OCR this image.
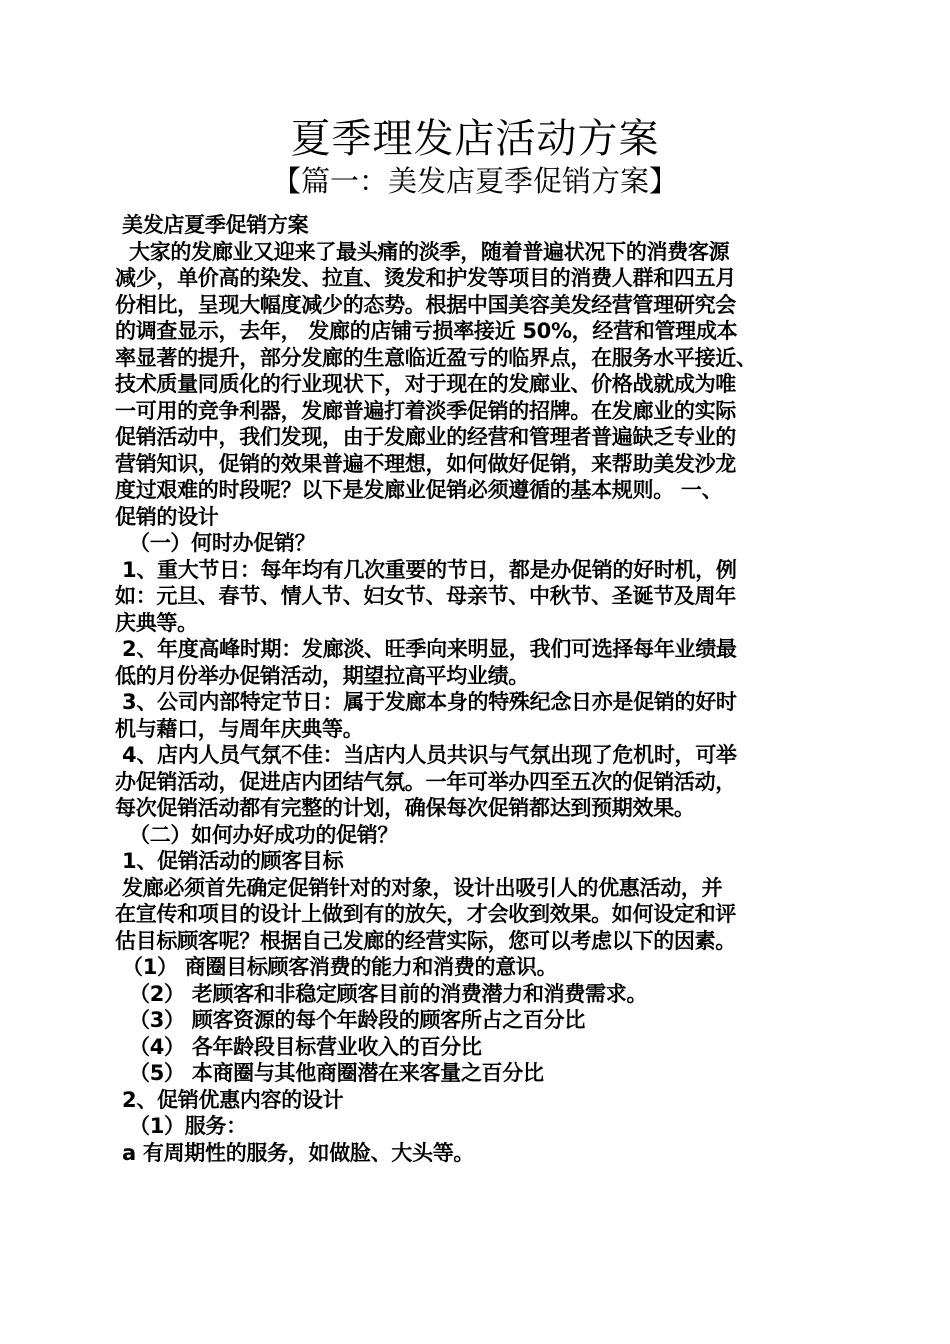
夏季理发店活动方案
【篇一：美发店夏季促销方案】
美发店夏季促销方案
大家的发廊业又迎来了最头痛的淡季，随着普遍状况下的消费客源
减少，单价高的染发、拉直、烫发和护发等项目的消费人群和四五月
份相比，呈现大幅度减少的态势。根据中国美容美发经营管理研究会
的调查显示，去年， 发廊的店铺亏损率接近 50%，经营和管理成本
率显著的提升，部分发廊的生意临近盈亏的临界点，在服务水平接近、
技术质量同质化的行业现状下，对于现在的发廊业、价格战就成为唯
一可用的竞争利器，发廊普遍打着淡季促销的招牌。在发廊业的实际
促销活动中，我们发现，由于发廊业的经营和管理者普遍缺乏专业的
营销知识，促销的效果普遍不理想，如何做好促销，来帮助美发沙龙
度过艰难的时段呢？以下是发廊业促销必须遵循的基本规则。 一、
促销的设计
（一）何时办促销？
1、重大节日：每年均有几次重要的节日，都是办促销的好时机，例
如：元旦、春节、情人节、妇女节、母亲节、中秋节、圣诞节及周年
庆典等。
2、年度高峰时期：发廊淡、旺季向来明显，我们可选择每年业绩最
低的月份举办促销活动，期望拉高平均业绩。
3、公司内部特定节日：属于发廊本身的特殊纪念日亦是促销的好时
机与藉口，与周年庆典等。
4、店内人员气氛不佳：当店内人员共识与气氛出现了危机时，可举
办促销活动，促进店内团结气氛。一年可举办四至五次的促销活动，
每次促销活动都有完整的计划，确保每次促销都达到预期效果。
（二）如何办好成功的促销？
1、促销活动的顾客目标
发廊必须首先确定促销针对的对象，设计出吸引人的优惠活动，并
在宣传和项目的设计上做到有的放矢，才会收到效果。如何设定和评
估目标顾客呢？根据自己发廊的经营实际，您可以考虑以下的因素。
（1） 商圈目标顾客消费的能力和消费的意识。
（2） 老顾客和非稳定顾客目前的消费潜力和消费需求。
（3） 顾客资源的每个年龄段的顾客所占之百分比
（4） 各年龄段目标营业收入的百分比
（5） 本商圈与其他商圈潜在来客量之百分比
2、促销优惠内容的设计
（1）服务：
a 有周期性的服务，如做脸、大头等。
